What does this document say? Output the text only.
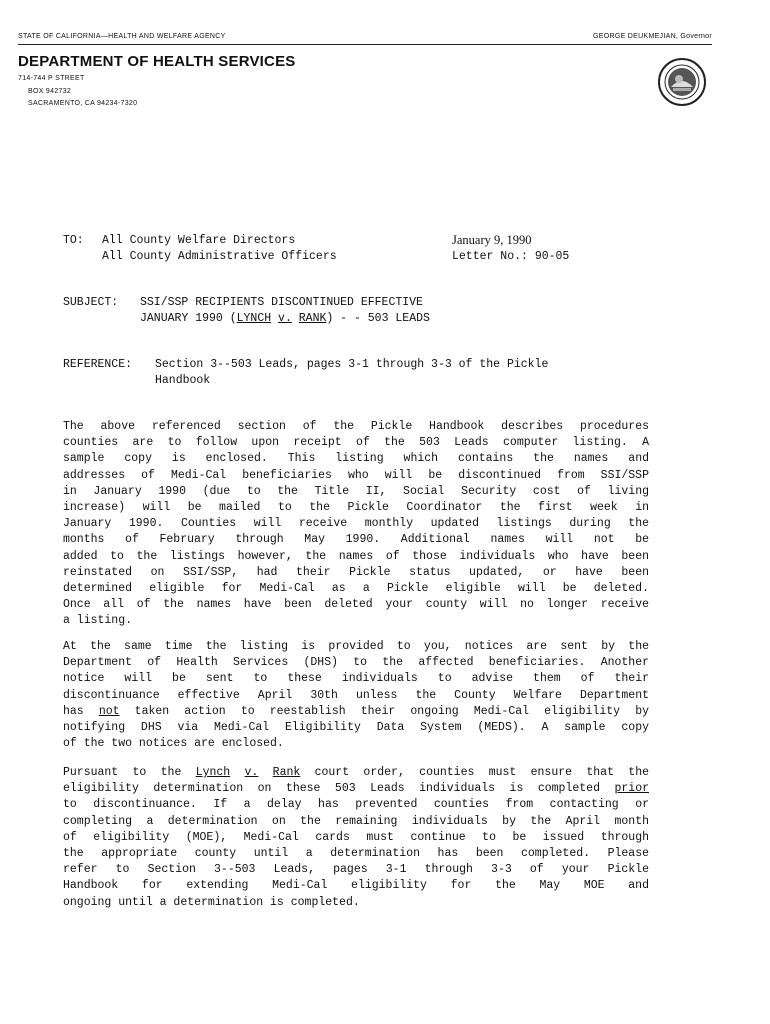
STATE OF CALIFORNIA—HEALTH AND WELFARE AGENCY	GEORGE DEUKMEJIAN, Governor
DEPARTMENT OF HEALTH SERVICES
714-744 P STREET
BOX 942732
SACRAMENTO, CA 94234-7320
TO: All County Welfare Directors
All County Administrative Officers
January 9, 1990
Letter No.: 90-05
SUBJECT: SSI/SSP RECIPIENTS DISCONTINUED EFFECTIVE
JANUARY 1990 (LYNCH v. RANK) - - 503 LEADS
REFERENCE: Section 3--503 Leads, pages 3-1 through 3-3 of the Pickle
Handbook
The above referenced section of the Pickle Handbook describes procedures
counties are to follow upon receipt of the 503 Leads computer listing. A
sample copy is enclosed. This listing which contains the names and
addresses of Medi-Cal beneficiaries who will be discontinued from SSI/SSP
in January 1990 (due to the Title II, Social Security cost of living
increase) will be mailed to the Pickle Coordinator the first week in
January 1990. Counties will receive monthly updated listings during the
months of February through May 1990. Additional names will not be
added to the listings however, the names of those individuals who have been
reinstated on SSI/SSP, had their Pickle status updated, or have been
determined eligible for Medi-Cal as a Pickle eligible will be deleted.
Once all of the names have been deleted your county will no longer receive
a listing.
At the same time the listing is provided to you, notices are sent by the
Department of Health Services (DHS) to the affected beneficiaries. Another
notice will be sent to these individuals to advise them of their
discontinuance effective April 30th unless the County Welfare Department
has not taken action to reestablish their ongoing Medi-Cal eligibility by
notifying DHS via Medi-Cal Eligibility Data System (MEDS). A sample copy
of the two notices are enclosed.
Pursuant to the Lynch v. Rank court order, counties must ensure that the
eligibility determination on these 503 Leads individuals is completed prior
to discontinuance. If a delay has prevented counties from contacting or
completing a determination on the remaining individuals by the April month
of eligibility (MOE), Medi-Cal cards must continue to be issued through
the appropriate county until a determination has been completed. Please
refer to Section 3--503 Leads, pages 3-1 through 3-3 of your Pickle
Handbook for extending Medi-Cal eligibility for the May MOE and
ongoing until a determination is completed.
